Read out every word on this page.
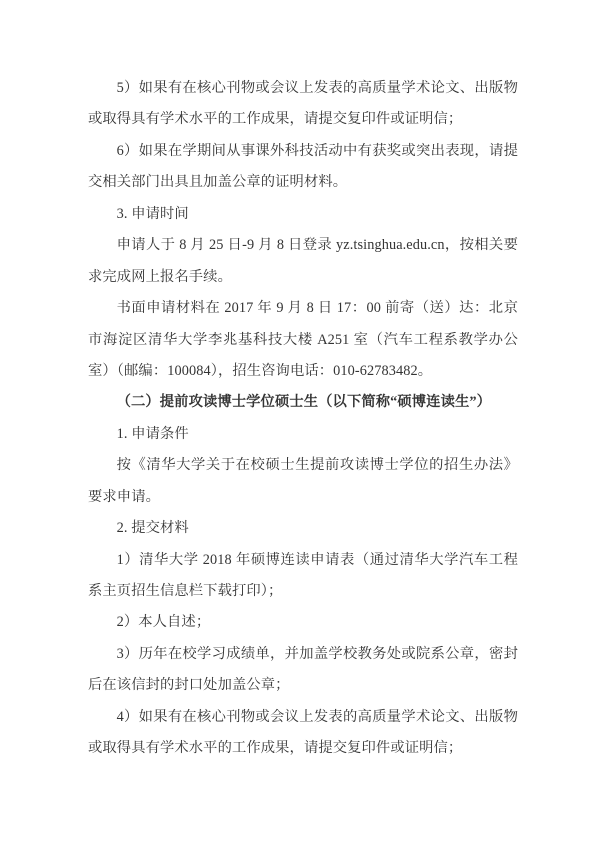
5）如果有在核心刊物或会议上发表的高质量学术论文、出版物或取得具有学术水平的工作成果，请提交复印件或证明信；

6）如果在学期间从事课外科技活动中有获奖或突出表现，请提交相关部门出具且加盖公章的证明材料。

3. 申请时间

申请人于 8 月 25 日-9 月 8 日登录 yz.tsinghua.edu.cn，按相关要求完成网上报名手续。

书面申请材料在 2017 年 9 月 8 日 17：00 前寄（送）达：北京市海淀区清华大学李兆基科技大楼 A251 室（汽车工程系教学办公室）（邮编：100084），招生咨询电话：010-62783482。

（二）提前攻读博士学位硕士生（以下简称“硕博连读生”）

1. 申请条件

按《清华大学关于在校硕士生提前攻读博士学位的招生办法》要求申请。

2. 提交材料

1）清华大学 2018 年硕博连读申请表（通过清华大学汽车工程系主页招生信息栏下载打印）；

2）本人自述；

3）历年在校学习成绩单，并加盖学校教务处或院系公章，密封后在该信封的封口处加盖公章；

4）如果有在核心刊物或会议上发表的高质量学术论文、出版物或取得具有学术水平的工作成果，请提交复印件或证明信；
